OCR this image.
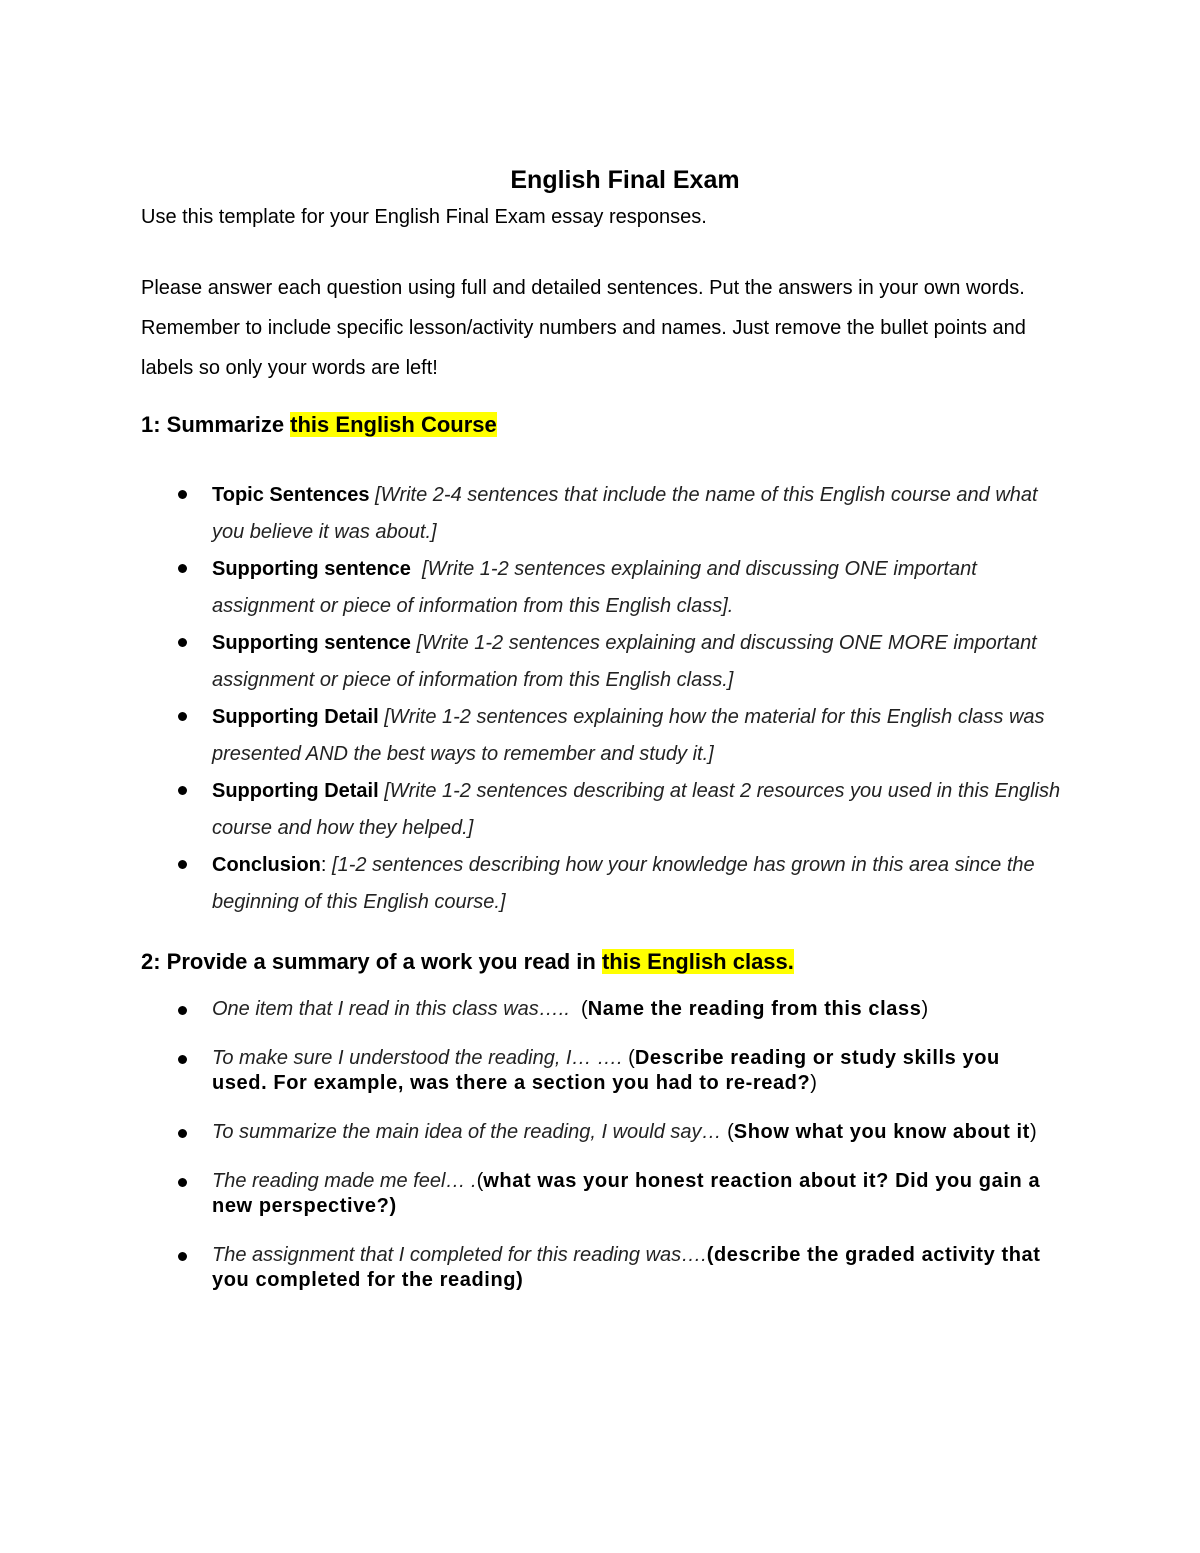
English Final Exam
Use this template for your English Final Exam essay responses.
Please answer each question using full and detailed sentences. Put the answers in your own words. Remember to include specific lesson/activity numbers and names. Just remove the bullet points and labels so only your words are left!
1: Summarize this English Course
Topic Sentences [Write 2-4 sentences that include the name of this English course and what you believe it was about.]
Supporting sentence [Write 1-2 sentences explaining and discussing ONE important assignment or piece of information from this English class].
Supporting sentence [Write 1-2 sentences explaining and discussing ONE MORE important assignment or piece of information from this English class.]
Supporting Detail [Write 1-2 sentences explaining how the material for this English class was presented AND the best ways to remember and study it.]
Supporting Detail [Write 1-2 sentences describing at least 2 resources you used in this English course and how they helped.]
Conclusion: [1-2 sentences describing how your knowledge has grown in this area since the beginning of this English course.]
2: Provide a summary of a work you read in this English class.
One item that I read in this class was…..  (Name the reading from this class)
To make sure I understood the reading, I… …. (Describe reading or study skills you used. For example, was there a section you had to re-read?)
To summarize the main idea of the reading, I would say… (Show what you know about it)
The reading made me feel… .(what was your honest reaction about it? Did you gain a new perspective?)
The assignment that I completed for this reading was….(describe the graded activity that you completed for the reading)
